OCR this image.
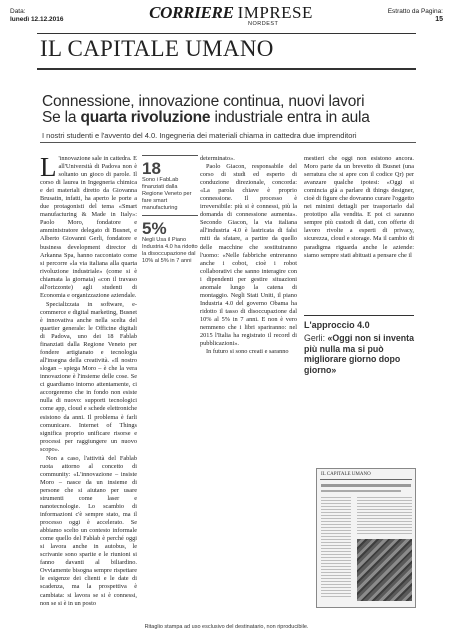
Data:
lunedì 12.12.2016	CORRIERE IMPRESE
NORDEST
Estratto da Pagina:
15
IL CAPITALE UMANO
Connessione, innovazione continua, nuovi lavori
Se la quarta rivoluzione industriale entra in aula
I nostri studenti e l'avvento del 4.0. Ingegneria dei materiali chiama in cattedra due imprenditori
L 'innovazione sale in cattedra. E all'Università di Padova non è soltanto un gioco di parole. Il corso di laurea in Ingegneria chimica e dei materiali diretto da Giovanna Brusatin, infatti, ha aperto le porte a due protagonisti del tema «Smart manufacturing & Made in Italy»: Paolo Moro, fondatore e amministratore delegato di Busnet, e Alberto Giovanni Gerli, fondatore e business development director di Arkanna Spa, hanno raccontato come si percorre «la via italiana alla quarta rivoluzione industriale» (come si è chiamata la giornata) «con il travaso all'orizzonte) agli studenti di Economia e organizzazione aziendale.

Specializzata in software, e-commerce e digital marketing, Busnet è innovativa anche nella scelta del quartier generale: le Officine digitali di Padova, uno dei 18 Fablab finanziati dalla Regione Veneto per fondere artigianato e tecnologia all'insegna della creatività. «Il nostro slogan – spiega Moro – è che la vera innovazione è l'insieme delle cose. Se ci guardiamo intorno attentamente, ci accorgeremo che in fondo non esiste nulla di nuovo: supporti tecnologici come app, cloud e schede elettroniche esistono da anni. Il problema è farli comunicare. Internet of Things significa proprio unificare risorse e processi per raggiungere un nuovo scopo».

Non a caso, l'attività del Fablab ruota attorno al concetto di community: «L'innovazione – insiste Moro – nasce da un insieme di persone che si aiutano per usare strumenti come laser e nanotecnologie. Lo scambio di informazioni c'è sempre stato, ma il processo oggi è accelerato. Se abbiamo scelto un contesto informale come quello del Fablab è perché oggi si lavora anche in autobus, le scrivanie sono sparite e le riunioni si fanno davanti al biliardino. Ovviamente bisogna sempre rispettare le esigenze dei clienti e le date di scadenza, ma la prospettiva è cambiata: si lavora se si è connessi, non se si è in un posto

18
Sono i FabLab finanziati dalla Regione Veneto per fare smart manufacturing
5%
Negli Usa il Piano Industria 4.0 ha ridotto la disoccupazione dal 10% al 5% in 7 anni

determinato».

Paolo Giacon, responsabile del corso di studi ed esperto di conduzione direzionale, concorda: «La parola chiave è proprio connessione. Il processo è irreversibile: più si è connessi, più la domanda di connessione aumenta». Secondo Giacon, la via italiana all'industria 4.0 è lastricata di falsi miti da sfatare, a partire da quello delle macchine che sostituiranno l'uomo: «Nelle fabbriche entreranno anche i cobot, cioè i robot collaborativi che sanno interagire con i dipendenti per gestire situazioni anomale lungo la catena di montaggio. Negli Stati Uniti, il piano Industria 4.0 del governo Obama ha ridotto il tasso di disoccupazione dal 10% al 5% in 7 anni. E non è vero nemmeno che i libri spariranno: nel 2015 l'Italia ha registrato il record di pubblicazioni».

In futuro si sono creati e saranno

mestieri che oggi non esistono ancora. Moro parte da un brevetto di Busnet (una serratura che si apre con il codice Qr) per avanzare qualche ipotesi: «Oggi si comincia già a parlare di things designer, cioè di figure che dovranno curare l'oggetto nei minimi dettagli per trasportarlo dal prototipo alla vendita. E poi ci saranno sempre più custodi di dati, con offerte di lavoro rivolte a esperti di privacy, sicurezza, cloud e storage. Ma il cambio di paradigma riguarda anche le aziende: siamo sempre stati abituati a pensare che il

L'approccio 4.0
Gerli: «Oggi non si inventa più nulla ma si può migliorare giorno dopo giorno»
IL CAPITALE UMANO
Ritaglio stampa ad uso esclusivo del destinatario, non riproducibile.
